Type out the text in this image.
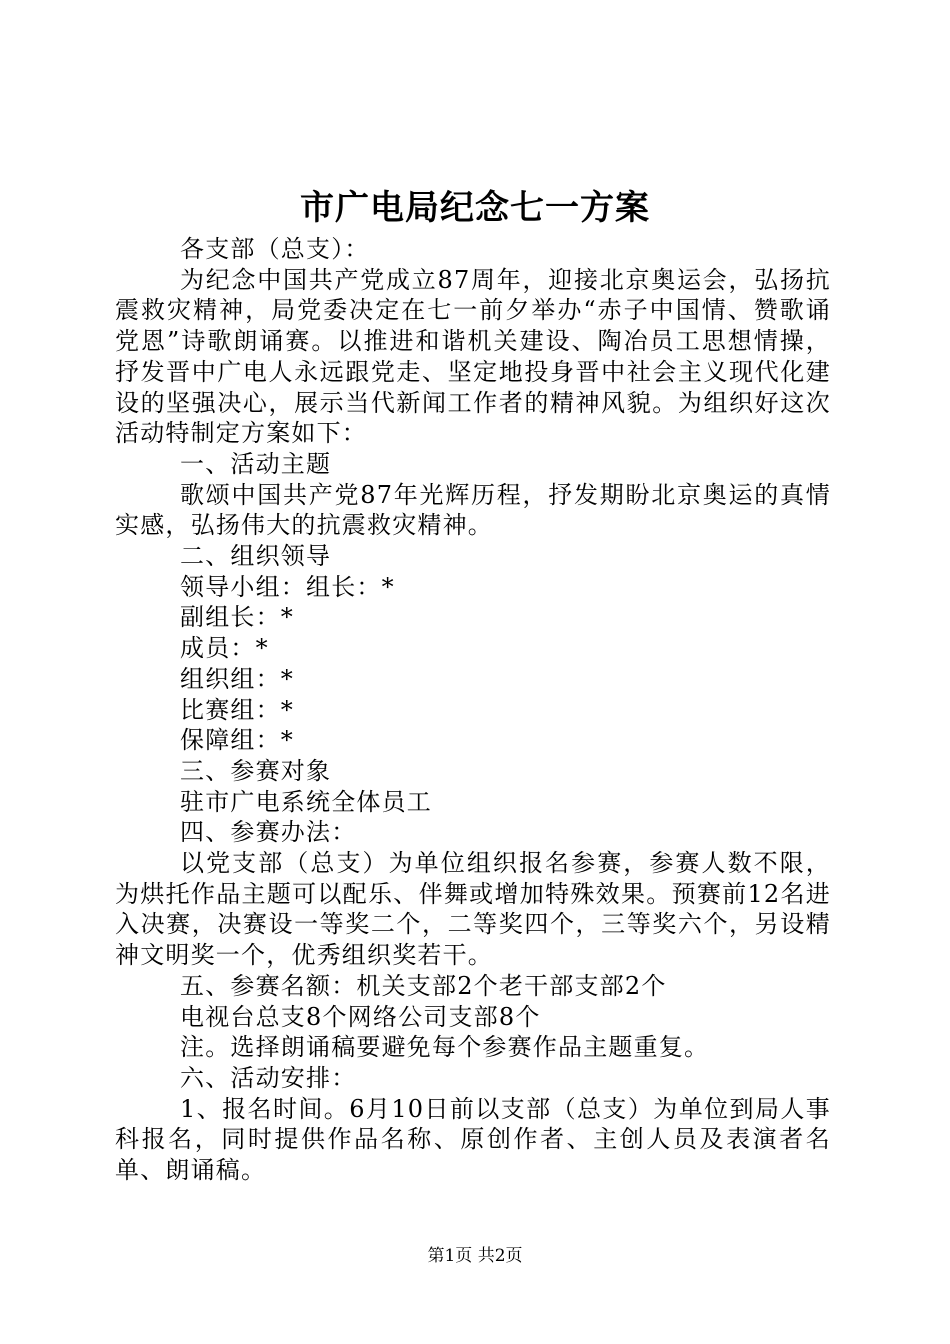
市广电局纪念七一方案

各支部（总支）：

为纪念中国共产党成立87周年，迎接北京奥运会，弘扬抗震救灾精神，局党委决定在七一前夕举办“赤子中国情、赞歌诵党恩”诗歌朗诵赛。以推进和谐机关建设、陶冶员工思想情操，抒发晋中广电人永远跟党走、坚定地投身晋中社会主义现代化建设的坚强决心，展示当代新闻工作者的精神风貌。为组织好这次活动特制定方案如下：

一、活动主题

歌颂中国共产党87年光辉历程，抒发期盼北京奥运的真情实感，弘扬伟大的抗震救灾精神。

二、组织领导

领导小组：组长：*

副组长：*

成员：*

组织组：*

比赛组：*

保障组：*

三、参赛对象

驻市广电系统全体员工

四、参赛办法：

以党支部（总支）为单位组织报名参赛，参赛人数不限，为烘托作品主题可以配乐、伴舞或增加特殊效果。预赛前12名进入决赛，决赛设一等奖二个，二等奖四个，三等奖六个，另设精神文明奖一个，优秀组织奖若干。

五、参赛名额：机关支部2个老干部支部2个

电视台总支8个网络公司支部8个

注。选择朗诵稿要避免每个参赛作品主题重复。

六、活动安排：

1、报名时间。6月10日前以支部（总支）为单位到局人事科报名，同时提供作品名称、原创作者、主创人员及表演者名单、朗诵稿。

第1页 共2页
